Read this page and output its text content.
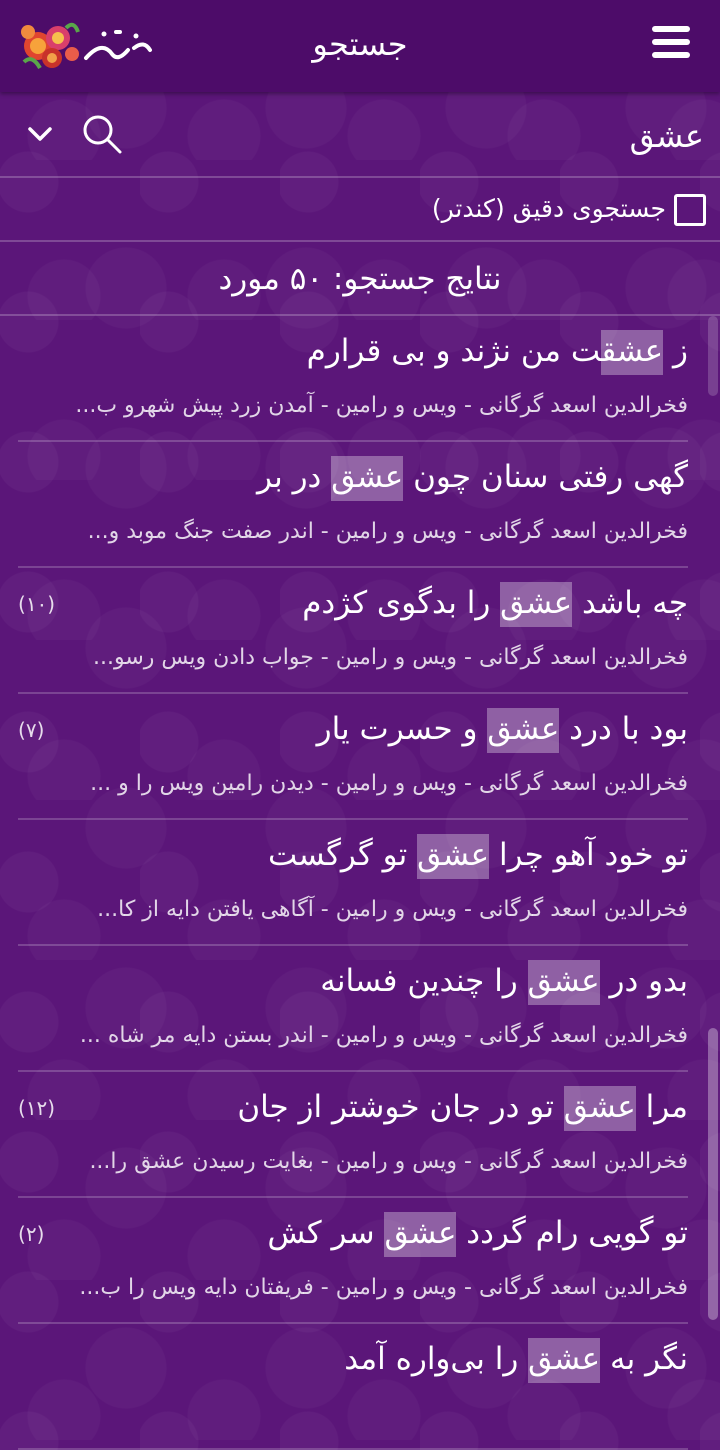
جستجو
عشق
جستجوی دقیق (کندتر)
نتایج جستجو: ۵۰ مورد
ز عشقت من نژند و بی قرارم
فخرالدین اسعد گرگانی - ویس و رامین - آمدن زرد پیش شهرو ب...
گهی رفتی سنان چون عشق در بر
فخرالدین اسعد گرگانی - ویس و رامین - اندر صفت جنگ موبد و...
چه باشد عشق را بدگوی کژدم
(۱۰)
فخرالدین اسعد گرگانی - ویس و رامین - جواب دادن ویس رسو...
بود با درد عشق و حسرت یار
(۷)
فخرالدین اسعد گرگانی - ویس و رامین - دیدن رامین ویس را و ...
تو خود آهو چرا عشق تو گرگست
فخرالدین اسعد گرگانی - ویس و رامین - آگاهی یافتن دایه از کا...
بدو در عشق را چندین فسانه
فخرالدین اسعد گرگانی - ویس و رامین - اندر بستن دایه مر شاه ...
مرا عشق تو در جان خوشتر از جان
(۱۲)
فخرالدین اسعد گرگانی - ویس و رامین - بغایت رسیدن عشق را...
تو گویی رام گردد عشق سر کش
(۲)
فخرالدین اسعد گرگانی - ویس و رامین - فریفتان دایه ویس را ب...
نگر به عشق را بی‌واره آمد
